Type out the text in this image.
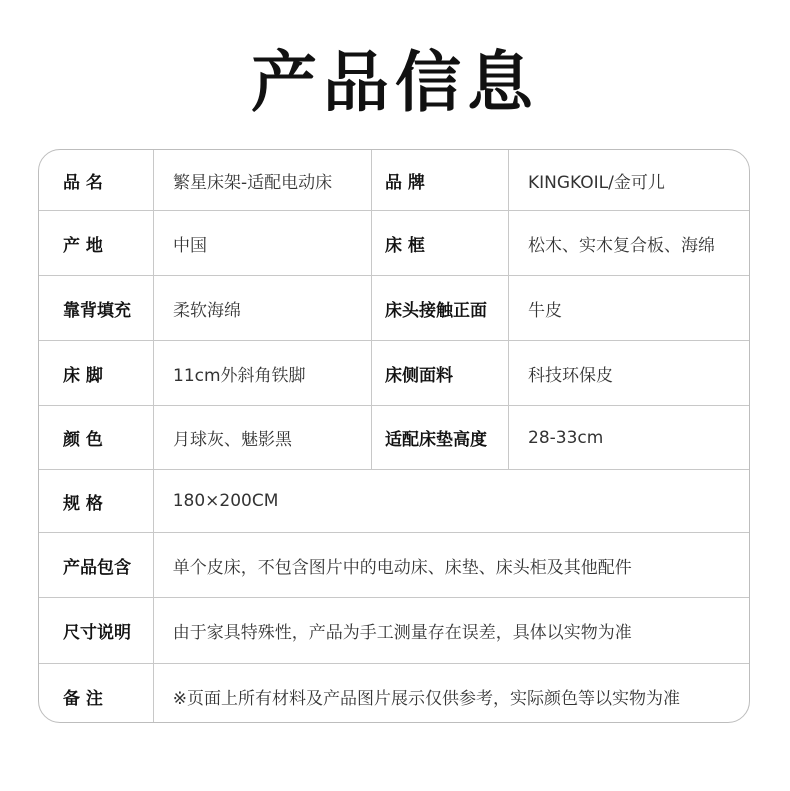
产品信息
品 名	繁星床架-适配电动床	品 牌	KINGKOIL/金可儿
产 地	中国	床 框	松木、实木复合板、海绵
靠背填充	柔软海绵	床头接触正面	牛皮
床 脚	11cm外斜角铁脚	床侧面料	科技环保皮
颜 色	月球灰、魅影黑	适配床垫高度	28-33cm
规 格	180×200CM
产品包含	单个皮床，不包含图片中的电动床、床垫、床头柜及其他配件
尺寸说明	由于家具特殊性，产品为手工测量存在误差，具体以实物为准
备 注	※页面上所有材料及产品图片展示仅供参考，实际颜色等以实物为准
